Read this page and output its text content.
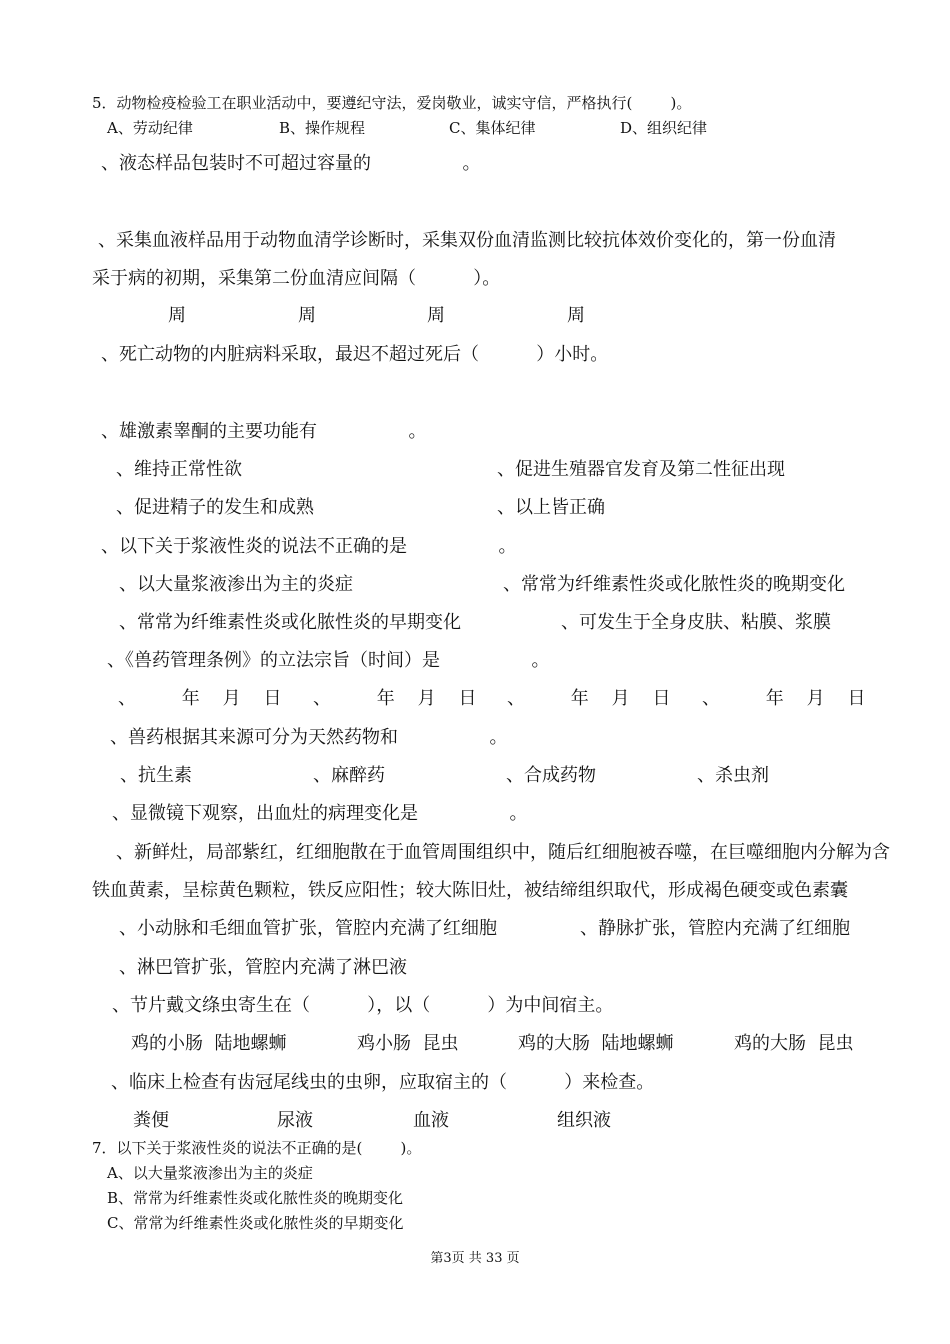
5．动物检疫检验工在职业活动中，要遵纪守法，爱岗敬业，诚实守信，严格执行(        )。
A、劳动纪律	B、操作规程	C、集体纪律	D、组织纪律
、液态样品包装时不可超过容量的                。
、采集血液样品用于动物血清学诊断时，采集双份血清监测比较抗体效价变化的，第一份血清
采于病的初期，采集第二份血清应间隔（          ）。
周	周	周	周
、死亡动物的内脏病料采取，最迟不超过死后（          ）小时。
、雄激素睾酮的主要功能有                。
、维持正常性欲	、促进生殖器官发育及第二性征出现
、促进精子的发生和成熟	、以上皆正确
、以下关于浆液性炎的说法不正确的是                。
、以大量浆液渗出为主的炎症	、常常为纤维素性炎或化脓性炎的晚期变化
、常常为纤维素性炎或化脓性炎的早期变化	、可发生于全身皮肤、粘膜、浆膜
、《兽药管理条例》的立法宗旨（时间）是                。
、        年    月    日 、        年    月    日 、        年    月    日 、        年    月    日
、兽药根据其来源可分为天然药物和                。
、抗生素	、麻醉药	、合成药物	、杀虫剂
、显微镜下观察，出血灶的病理变化是                。
、新鲜灶，局部紫红，红细胞散在于血管周围组织中，随后红细胞被吞噬，在巨噬细胞内分解为含
铁血黄素，呈棕黄色颗粒，铁反应阳性；较大陈旧灶，被结缔组织取代，形成褐色硬变或色素囊
、小动脉和毛细血管扩张，管腔内充满了红细胞	、静脉扩张，管腔内充满了红细胞
、淋巴管扩张，管腔内充满了淋巴液
、节片戴文绦虫寄生在（          ），以（          ）为中间宿主。
鸡的小肠  陆地螺蛳	鸡小肠  昆虫	鸡的大肠  陆地螺蛳	鸡的大肠  昆虫
、临床上检查有齿冠尾线虫的虫卵，应取宿主的（          ）来检查。
粪便	尿液	血液	组织液
7．以下关于浆液性炎的说法不正确的是(        )。
A、以大量浆液渗出为主的炎症
B、常常为纤维素性炎或化脓性炎的晚期变化
C、常常为纤维素性炎或化脓性炎的早期变化
第3页 共 33 页
